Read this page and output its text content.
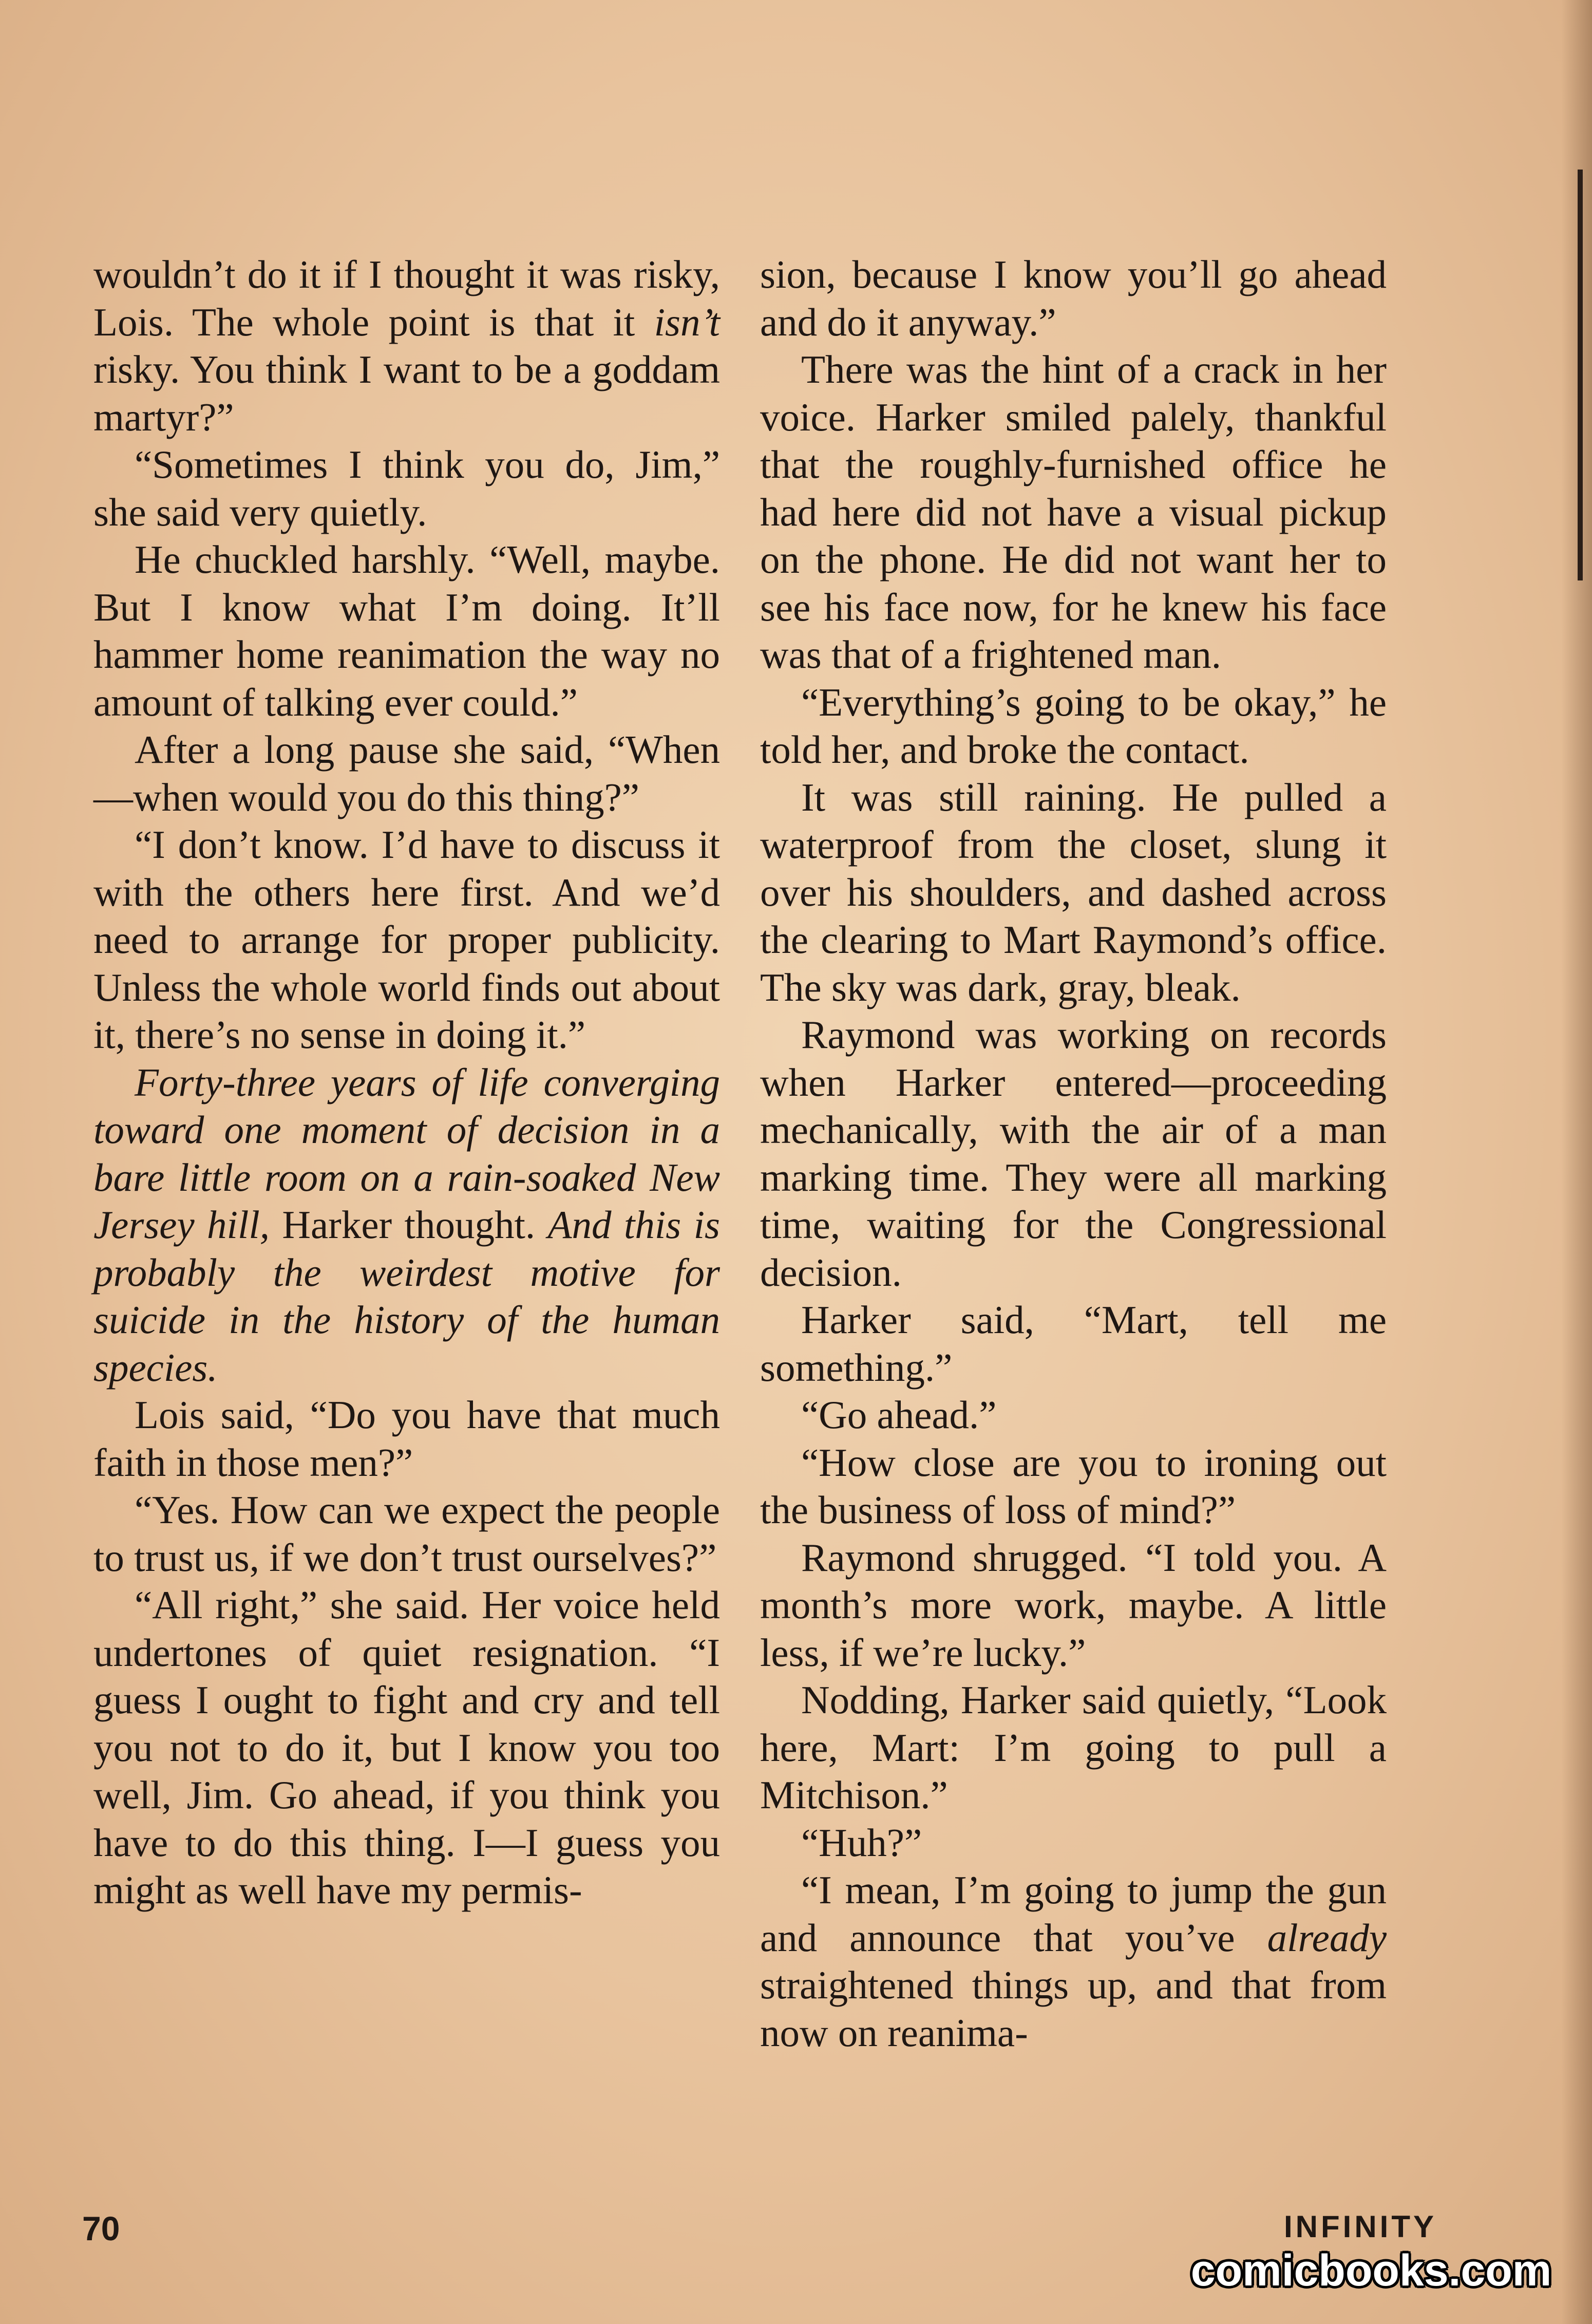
wouldn’t do it if I thought it was risky, Lois. The whole point is that it isn’t risky. You think I want to be a goddam martyr?”

“Sometimes I think you do, Jim,” she said very quietly.

He chuckled harshly. “Well, maybe. But I know what I’m doing. It’ll hammer home reanimation the way no amount of talking ever could.”

After a long pause she said, “When—when would you do this thing?”

“I don’t know. I’d have to discuss it with the others here first. And we’d need to arrange for proper publicity. Unless the whole world finds out about it, there’s no sense in doing it.”

Forty-three years of life converging toward one moment of decision in a bare little room on a rain-soaked New Jersey hill, Harker thought. And this is probably the weirdest motive for suicide in the history of the human species.

Lois said, “Do you have that much faith in those men?”

“Yes. How can we expect the people to trust us, if we don’t trust ourselves?”

“All right,” she said. Her voice held undertones of quiet resignation. “I guess I ought to fight and cry and tell you not to do it, but I know you too well, Jim. Go ahead, if you think you have to do this thing. I—I guess you might as well have my permis-

sion, because I know you’ll go ahead and do it anyway.”

There was the hint of a crack in her voice. Harker smiled palely, thankful that the roughly-furnished office he had here did not have a visual pickup on the phone. He did not want her to see his face now, for he knew his face was that of a frightened man.

“Everything’s going to be okay,” he told her, and broke the contact.

It was still raining. He pulled a waterproof from the closet, slung it over his shoulders, and dashed across the clearing to Mart Raymond’s office. The sky was dark, gray, bleak.

Raymond was working on records when Harker entered—proceeding mechanically, with the air of a man marking time. They were all marking time, waiting for the Congressional decision.

Harker said, “Mart, tell me something.”

“Go ahead.”

“How close are you to ironing out the business of loss of mind?”

Raymond shrugged. “I told you. A month’s more work, maybe. A little less, if we’re lucky.”

Nodding, Harker said quietly, “Look here, Mart: I’m going to pull a Mitchison.”

“Huh?”

“I mean, I’m going to jump the gun and announce that you’ve already straightened things up, and that from now on reanima-

70	INFINITY
comicbooks.com
